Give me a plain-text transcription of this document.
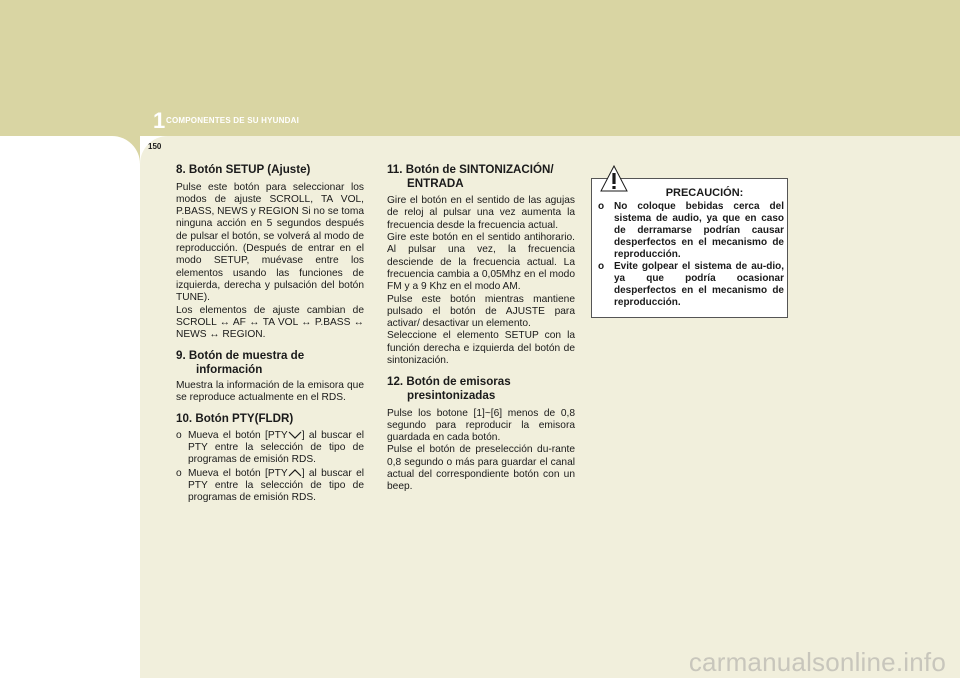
1 COMPONENTES DE SU HYUNDAI
150
8. Botón SETUP (Ajuste)

Pulse este botón para seleccionar los modos de ajuste SCROLL, TA VOL, P.BASS, NEWS y REGION Si no se toma ninguna acción en 5 segundos después de pulsar el botón, se volverá al modo de reproducción. (Después de entrar en el modo SETUP, muévase entre los elementos usando las funciones de izquierda, derecha y pulsación del botón TUNE).

Los elementos de ajuste cambian de SCROLL ↔ AF ↔ TA VOL ↔ P.BASS ↔ NEWS ↔ REGION.

9. Botón de muestra de
información

Muestra la información de la emisora que se reproduce actualmente en el RDS.

10. Botón PTY(FLDR)
o Mueva el botón [PTY ] al buscar el PTY entre la selección de tipo de programas de emisión RDS.
o Mueva el botón [PTY ] al buscar el PTY entre la selección de tipo de programas de emisión RDS.
11. Botón de SINTONIZACIÓN/
ENTRADA

Gire el botón en el sentido de las agujas de reloj al pulsar una vez aumenta la frecuencia desde la frecuencia actual.

Gire este botón en el sentido antihorario. Al pulsar una vez, la frecuencia desciende de la frecuencia actual. La frecuencia cambia a 0,05Mhz en el modo FM y a 9 Khz en el modo AM.

Pulse este botón mientras mantiene pulsado el botón de AJUSTE para activar/ desactivar un elemento.

Seleccione el elemento SETUP con la función derecha e izquierda del botón de sintonización.

12. Botón de emisoras
presintonizadas

Pulse los botone [1]~[6] menos de 0,8 segundo para reproducir la emisora guardada en cada botón.

Pulse el botón de preselección du-rante 0,8 segundo o más para guardar el canal actual del correspondiente botón con un beep.

PRECAUCIÓN:
o No coloque bebidas cerca del sistema de audio, ya que en caso de derramarse podrían causar desperfectos en el mecanismo de reproducción.
o Evite golpear el sistema de au-dio, ya que podría ocasionar desperfectos en el mecanismo de reproducción.
carmanualsonline.info
